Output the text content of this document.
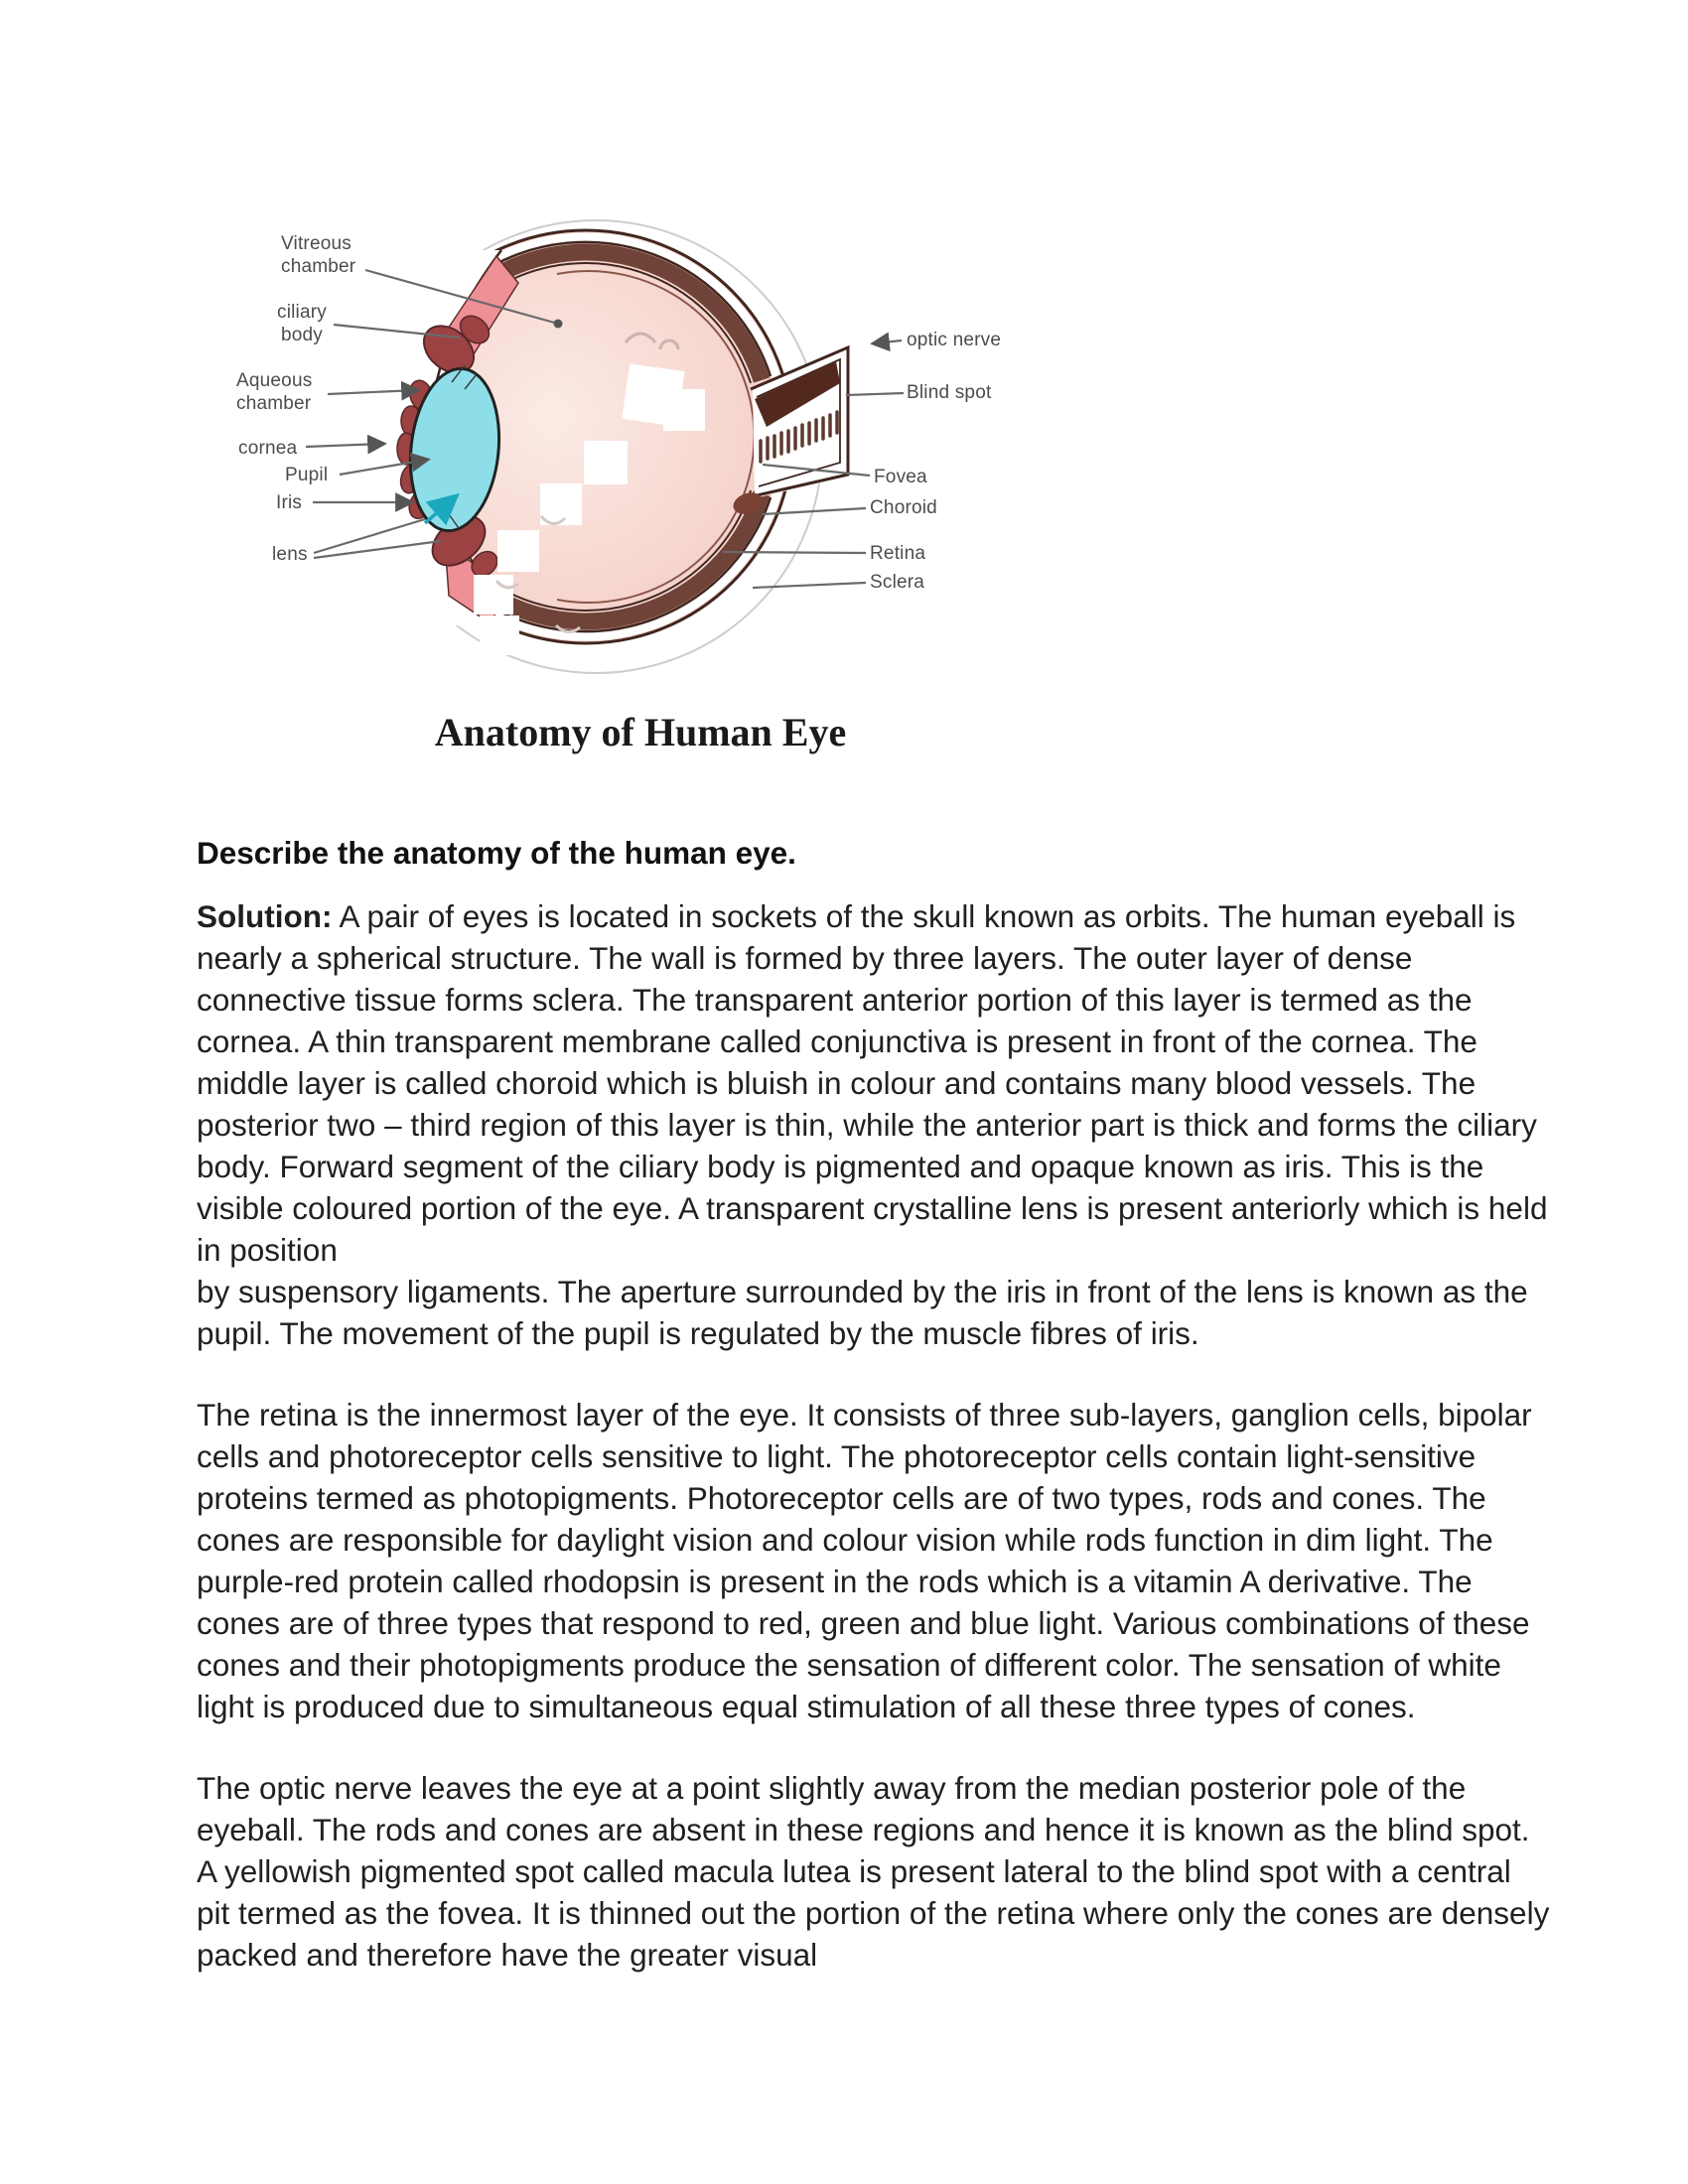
Vitreous chamber
ciliary body
Aqueous chamber
cornea
Pupil
Iris
lens
optic nerve
Blind spot
Fovea
Choroid
Retina
Sclera
Anatomy of Human Eye
Describe the anatomy of the human eye.

Solution: A pair of eyes is located in sockets of the skull known as orbits. The human eyeball is nearly a spherical structure. The wall is formed by three layers. The outer layer of dense connective tissue forms sclera. The transparent anterior portion of this layer is termed as the cornea. A thin transparent membrane called conjunctiva is present in front of the cornea. The middle layer is called choroid which is bluish in colour and contains many blood vessels. The posterior two – third region of this layer is thin, while the anterior part is thick and forms the ciliary body. Forward segment of the ciliary body is pigmented and opaque known as iris. This is the visible coloured portion of the eye. A transparent crystalline lens is present anteriorly which is held in position
by suspensory ligaments. The aperture surrounded by the iris in front of the lens is known as the pupil. The movement of the pupil is regulated by the muscle fibres of iris.

The retina is the innermost layer of the eye. It consists of three sub-layers, ganglion cells, bipolar cells and photoreceptor cells sensitive to light. The photoreceptor cells contain light-sensitive proteins termed as photopigments. Photoreceptor cells are of two types, rods and cones. The cones are responsible for daylight vision and colour vision while rods function in dim light. The purple-red protein called rhodopsin is present in the rods which is a vitamin A derivative. The cones are of three types that respond to red, green and blue light. Various combinations of these cones and their photopigments produce the sensation of different color. The sensation of white light is produced due to simultaneous equal stimulation of all these three types of cones.

The optic nerve leaves the eye at a point slightly away from the median posterior pole of the eyeball. The rods and cones are absent in these regions and hence it is known as the blind spot. A yellowish pigmented spot called macula lutea is present lateral to the blind spot with a central pit termed as the fovea. It is thinned out the portion of the retina where only the cones are densely packed and therefore have the greater visual
